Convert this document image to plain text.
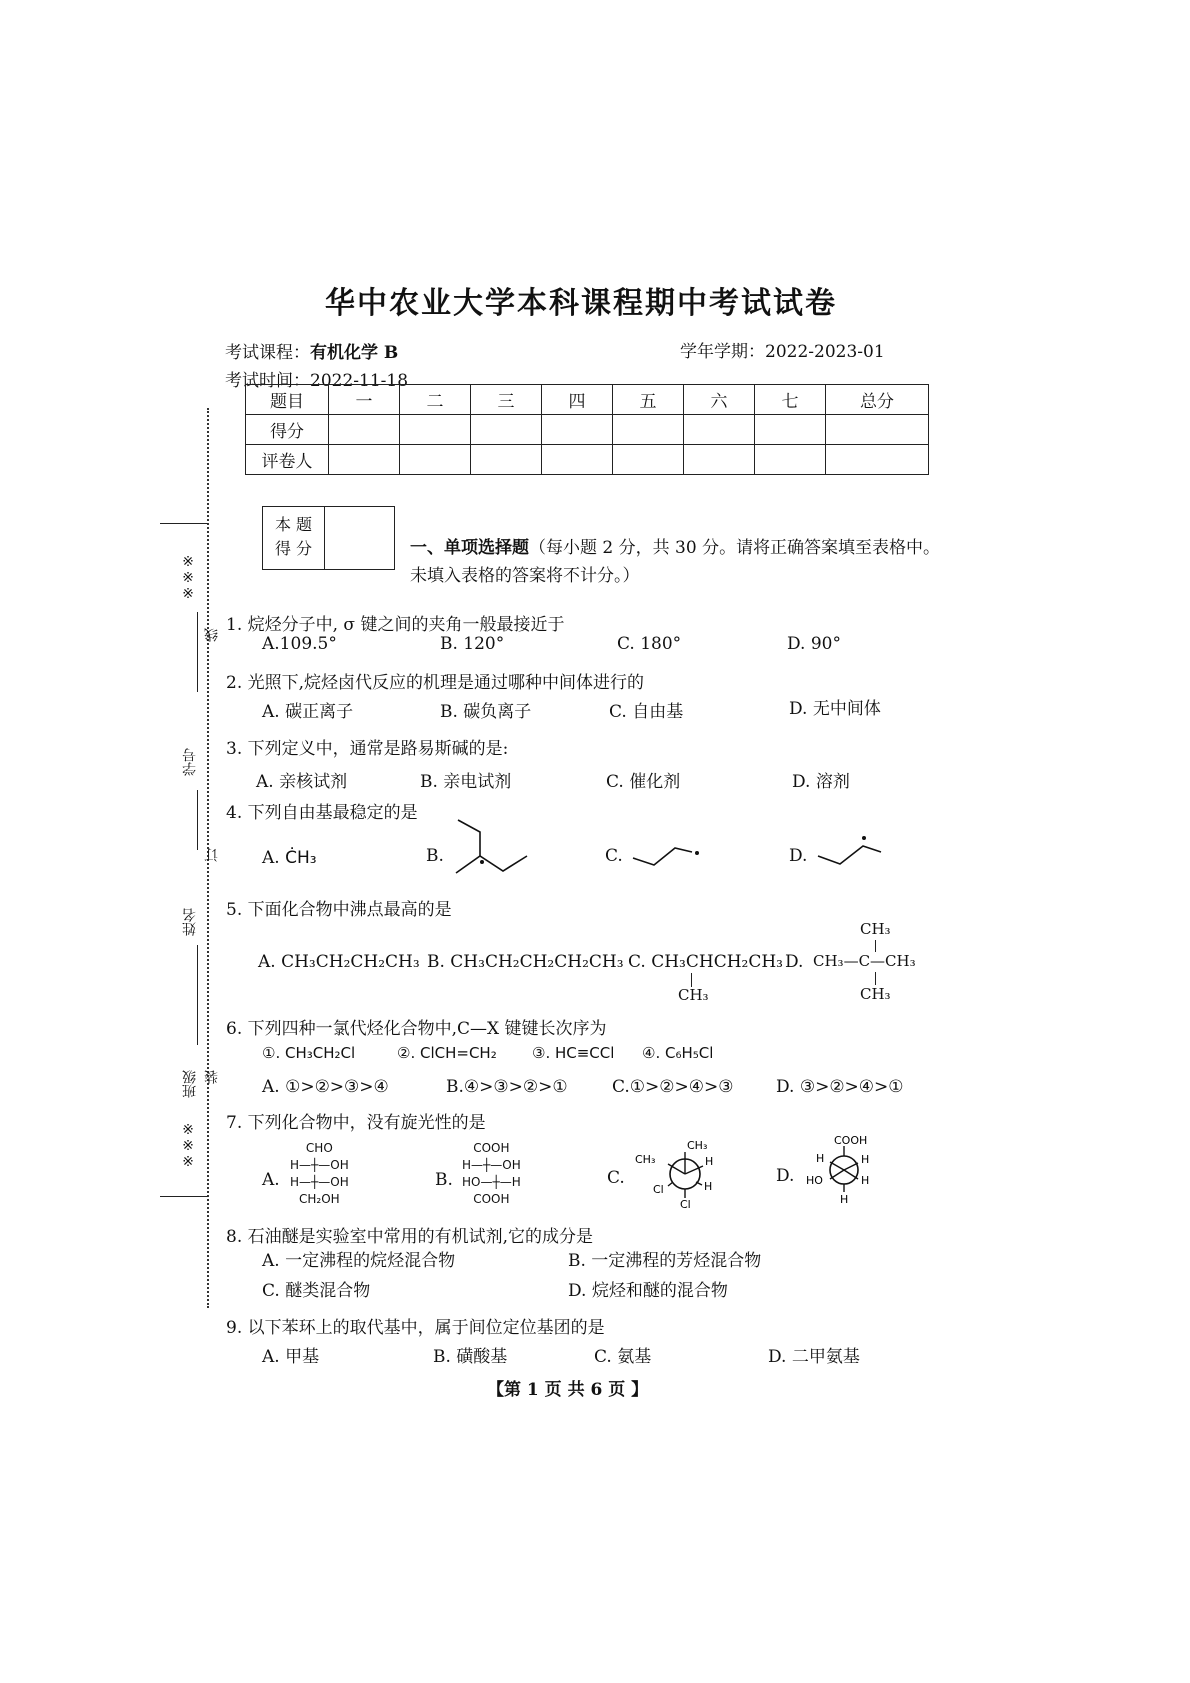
华中农业大学本科课程期中考试试卷
考试课程：有机化学 B	学年学期：2022-2023-01
考试时间：2022-11-18
题目	一	二	三	四	五	六	七	总分
得分								
评卷人								
本 题
得 分	一、单项选择题（每小题 2 分，共 30 分。请将正确答案填至表格中。
未填入表格的答案将不计分。）
※※※
线
学号
订
姓名
班级 装
※※※
1. 烷烃分子中, σ 键之间的夹角一般最接近于
A.109.5°	B. 120°	C. 180°	D. 90°
2. 光照下,烷烃卤代反应的机理是通过哪种中间体进行的
A. 碳正离子	B. 碳负离子	C. 自由基	D. 无中间体
3. 下列定义中，通常是路易斯碱的是:
A. 亲核试剂	B. 亲电试剂	C. 催化剂	D. 溶剂
4. 下列自由基最稳定的是
A. ĊH₃	B.	C.	D.
5. 下面化合物中沸点最高的是
A. CH₃CH₂CH₂CH₃ B. CH₃CH₂CH₂CH₂CH₃ C. CH₃CHCH₂CH₃
CH₃
D.
CH₃
CH₃—C—CH₃
CH₃
6. 下列四种一氯代烃化合物中,C—X 键键长次序为
①. CH₃CH₂Cl	②. ClCH=CH₂ ③. HC≡CCl ④. C₆H₅Cl
A. ①>②>③>④	B.④>③>②>①	C.①>②>④>③	D. ③>②>④>①
7. 下列化合物中，没有旋光性的是
A.
CHO
H—┼—OH
H—┼—OH
CH₂OH
B.
COOH
H—┼—OH
HO—┼—H
COOH
C.
CH₃
CH₃	H
Cl	H
Cl
D.
COOH
H	H
HO	H
H
8. 石油醚是实验室中常用的有机试剂,它的成分是
A. 一定沸程的烷烃混合物	B. 一定沸程的芳烃混合物
C. 醚类混合物	D. 烷烃和醚的混合物
9. 以下苯环上的取代基中，属于间位定位基团的是
A. 甲基	B. 磺酸基	C. 氨基	D. 二甲氨基
【第 1 页 共 6 页 】
